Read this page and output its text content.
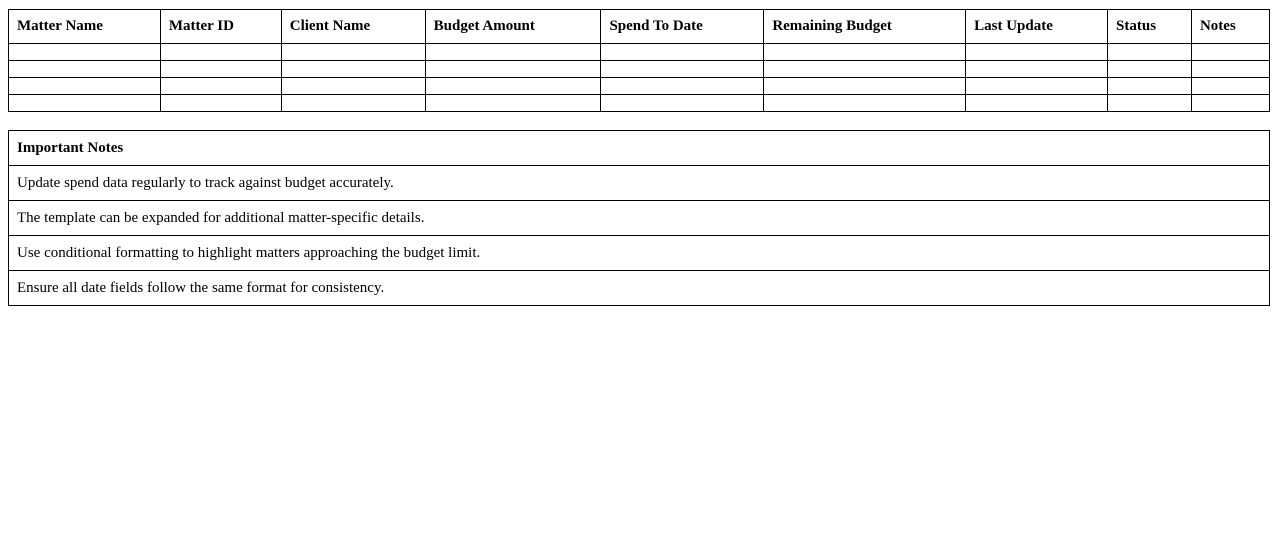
Matter Name	Matter ID	Client Name	Budget Amount	Spend To Date	Remaining Budget	Last Update	Status	Notes

Important Notes
Update spend data regularly to track against budget accurately.
The template can be expanded for additional matter-specific details.
Use conditional formatting to highlight matters approaching the budget limit.
Ensure all date fields follow the same format for consistency.
